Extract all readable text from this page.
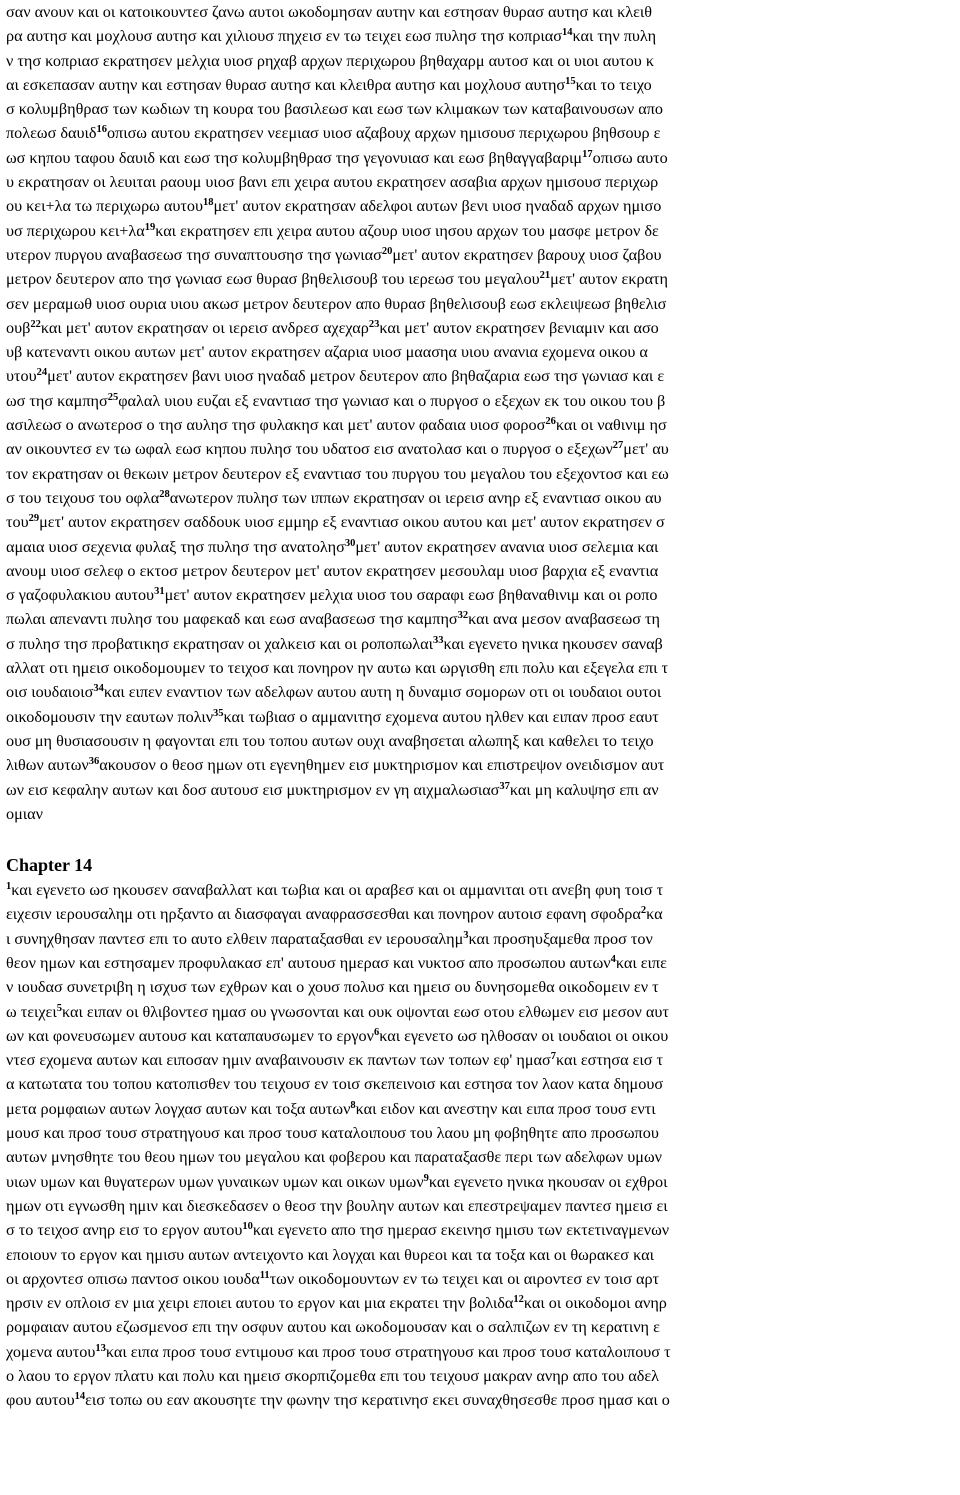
σαν ανουν και οι κατοικουντεσ ζανω αυτοι ωκοδομησαν αυτην και εστησαν θυρασ αυτησ και κλειθ
ρα αυτησ και μοχλουσ αυτησ και χιλιουσ πηχεισ εν τω τειχει εωσ πυλησ τησ κοπριασ$^{14}$και την πυλη
ν τησ κοπριασ εκρατησεν μελχια υιοσ ρηχαβ αρχων περιχωρου βηθαχαρμ αυτοσ και οι υιοι αυτου κ
αι εσκεπασαν αυτην και εστησαν θυρασ αυτησ και κλειθρα αυτησ και μοχλουσ αυτησ$^{15}$και το τειχο
σ κολυμβηθρασ των κωδιων τη κουρα του βασιλεωσ και εωσ των κλιμακων των καταβαινουσων απο
πολεωσ δαυιδ$^{16}$οπισω αυτου εκρατησεν νεεμιασ υιοσ αζαβουχ αρχων ημισουσ περιχωρου βηθσουρ ε
ωσ κηπου ταφου δαυιδ και εωσ τησ κολυμβηθρασ τησ γεγονυιασ και εωσ βηθαγγαβαριμ$^{17}$οπισω αυτο
υ εκρατησαν οι λευιται ραουμ υιοσ βανι επι χειρα αυτου εκρατησεν ασαβια αρχων ημισουσ περιχωρ
ου κει+λα τω περιχωρω αυτου$^{18}$μετ' αυτον εκρατησαν αδελφοι αυτων βενι υιοσ ηναδαδ αρχων ημισο
υσ περιχωρου $\kappa\varepsilon\iota+\lambda\alpha^{19}\kappa\alpha\iota$ εκρατησεν επι χειρα αυτου αζουρ υιοσ ιησου αρχων του μασφε μετρον δε
υτερον πυργου αναβασεωσ τησ συναπτουσησ τησ γωνιασ$^{20}$μετ' αυτον εκρατησεν βαρουχ υιοσ ζαβου
μετρον δευτερον απο τησ γωνιασ εωσ θυρασ βηθελισουβ του ιερεωσ του μεγαλου$^{21}$μετ' αυτον εκρατη
σεν μεραμωθ υιοσ ουρια υιου ακωσ μετρον δευτερον απο θυρασ βηθελισουβ εωσ εκλειψεωσ βηθελισ
ουβ$^{22}$και μετ' αυτον εκρατησαν οι ιερεισ ανδρεσ αχεχαρ$^{23}$και μετ' αυτον εκρατησεν βενιαμιν και ασο
υβ κατεναντι οικου αυτων μετ' αυτον εκρατησεν αζαρια υιοσ μαασηα υιου ανανια εχομενα οικου α
υτου$^{24}$μετ' αυτον εκρατησεν βανι υιοσ ηναδαδ μετρον δευτερον απο βηθαζαρια εωσ τησ γωνιασ και ε
ωσ τησ καμπησ$^{25}$φαλαλ υιου ευζαι εξ εναντιασ τησ γωνιασ και ο πυργοσ ο εξεχων εκ του οικου του β
ασιλεωσ ο ανωτεροσ ο τησ αυλησ τησ φυλακησ και μετ' αυτον φαδαια υιοσ φοροσ$^{26}$και οι ναθινιμ ησ
αν οικουντεσ εν τω ωφαλ εωσ κηπου πυλησ του υδατοσ εισ ανατολασ και ο πυργοσ ο εξεχων$^{27}$μετ' αυ
τον εκρατησαν οι θεκωιν μετρον δευτερον εξ εναντιασ του πυργου του μεγαλου του εξεχοντοσ και εω
σ του τειχουσ του οφλα$^{28}$ανωτερον πυλησ των ιππων εκρατησαν οι ιερεισ ανηρ εξ εναντιασ οικου αυ
του$^{29}$μετ' αυτον εκρατησεν σαδδουκ υιοσ εμμηρ εξ εναντιασ οικου αυτου και μετ' αυτον εκρατησεν σ
αμαια υιοσ σεχενια φυλαξ τησ πυλησ τησ ανατολησ$^{30}$μετ' αυτον εκρατησεν ανανια υιοσ σελεμια και
ανουμ υιοσ σελεφ ο εκτοσ μετρον δευτερον μετ' αυτον εκρατησεν μεσουλαμ υιοσ βαρχια εξ εναντια
σ γαζοφυλακιου αυτου$^{31}$μετ' αυτον εκρατησεν μελχια υιοσ του σαραφι εωσ βηθαναθινιμ και οι ροπο
πωλαι απεναντι πυλησ του μαφεκαδ και εωσ αναβασεωσ τησ καμπησ$^{32}$και ανα μεσον αναβασεωσ τη
σ πυλησ τησ προβατικησ εκρατησαν οι χαλκεισ και οι ροποπωλαι$^{33}$και εγενετο ηνικα ηκουσεν σαναβ
αλλατ οτι ημεισ οικοδομουμεν το τειχοσ και πονηρον ην αυτω και ωργισθη επι πολυ και εξεγελα επι τ
οισ ιουδαιοισ$^{34}$και ειπεν εναντιον των αδελφων αυτου αυτη η δυναμισ σομορων οτι οι ιουδαιοι ουτοι
οικοδομουσιν την εαυτων πολιν$^{35}$και τωβιασ ο αμμανιτησ εχομενα αυτου ηλθεν και ειπαν προσ εαυτ
ουσ μη θυσιασουσιν η φαγονται επι του τοπου αυτων ουχι αναβησεται αλωπηξ και καθελει το τειχο
λιθων αυτων$^{36}$ακουσον ο θεοσ ημων οτι εγενηθημεν εισ μυκτηρισμον και επιστρεψον ονειδισμον αυτ
ων εισ κεφαλην αυτων και δοσ αυτουσ εισ μυκτηρισμον εν γη αιχμαλωσιασ$^{37}$και μη καλυψησ επι αν
ομιαν
Chapter 14
$^1$και εγενετο ωσ ηκουσεν σαναβαλλατ και τωβια και οι αραβεσ και οι αμμανιται οτι ανεβη φυη τοισ τ
ειχεσιν ιερουσαλημ οτι ηρξαντο αι διασφαγαι αναφρασσεσθαι και πονηρον αυτοισ εφανη σφοδρα$^2$κα
ι συνηχθησαν παντεσ επι το αυτο ελθειν παραταξασθαι εν ιερουσαλημ$^3$και προσηυξαμεθα προσ τον
θεον ημων και εστησαμεν προφυλακασ επ' αυτουσ ημερασ και νυκτοσ απο προσωπου αυτων$^4$και ειπε
ν ιουδασ συνετριβη η ισχυσ των εχθρων και ο χουσ πολυσ και ημεισ ου δυνησομεθα οικοδομειν εν τ
ω τειχει$^5$και ειπαν οι θλιβοντεσ ημασ ου γνωσονται και ουκ οψονται εωσ οτου ελθωμεν εισ μεσον αυτ
ων και φονευσωμεν αυτουσ και καταπαυσωμεν το εργον$^6$και εγενετο ωσ ηλθοσαν οι ιουδαιοι οι οικου
ντεσ εχομενα αυτων και ειποσαν ημιν αναβαινουσιν εκ παντων των τοπων εφ' ημασ$^7$και εστησα εισ τ
α κατωτατα του τοπου κατοπισθεν του τειχουσ εν τοισ σκεπεινοισ και εστησα τον λαον κατα δημουσ
μετα ρομφαιων αυτων λογχασ αυτων και τοξα αυτων$^8$και ειδον και ανεστην και ειπα προσ τουσ εντι
μουσ και προσ τουσ στρατηγουσ και προσ τουσ καταλοιπουσ του λαου μη φοβηθητε απο προσωπου
αυτων μνησθητε του θεου ημων του μεγαλου και φοβερου και παραταξασθε περι των αδελφων υμων
υιων υμων και θυγατερων υμων γυναικων υμων και οικων υμων$^9$και εγενετο ηνικα ηκουσαν οι εχθροι
ημων οτι εγνωσθη ημιν και διεσκεδασεν ο θεοσ την βουλην αυτων και επεστρεψαμεν παντεσ ημεισ ει
σ το τειχοσ ανηρ εισ το εργον αυτου$^{10}$και εγενετο απο τησ ημερασ εκεινησ ημισυ των εκτετιναγμενων
εποιουν το εργον και ημισυ αυτων αντειχοντο και λογχαι και θυρεοι και τα τοξα και οι θωρακεσ και
οι αρχοντεσ οπισω παντοσ οικου ιουδα$^{11}$των οικοδομουντων εν τω τειχει και οι αιροντεσ εν τοισ αρτ
ηρσιν εν οπλοισ εν μια χειρι εποιει αυτου το εργον και μια εκρατει την βολιδα$^{12}$και οι οικοδομοι ανηρ
ρομφαιαν αυτου εζωσμενοσ επι την οσφυν αυτου και ωκοδομουσαν και ο σαλπιζων εν τη κερατινη ε
χομενα αυτου$^{13}$και ειπα προσ τουσ εντιμουσ και προσ τουσ στρατηγουσ και προσ τουσ καταλοιπουσ τ
ο λαου το εργον πλατυ και πολυ και ημεισ σκορπιζομεθα επι του τειχουσ μακραν ανηρ απο του αδελ
φου αυτου$^{14}$εισ τοπω ου εαν ακουσητε την φωνην τησ κερατινησ εκει συναχθησεσθε προσ ημασ και ο
